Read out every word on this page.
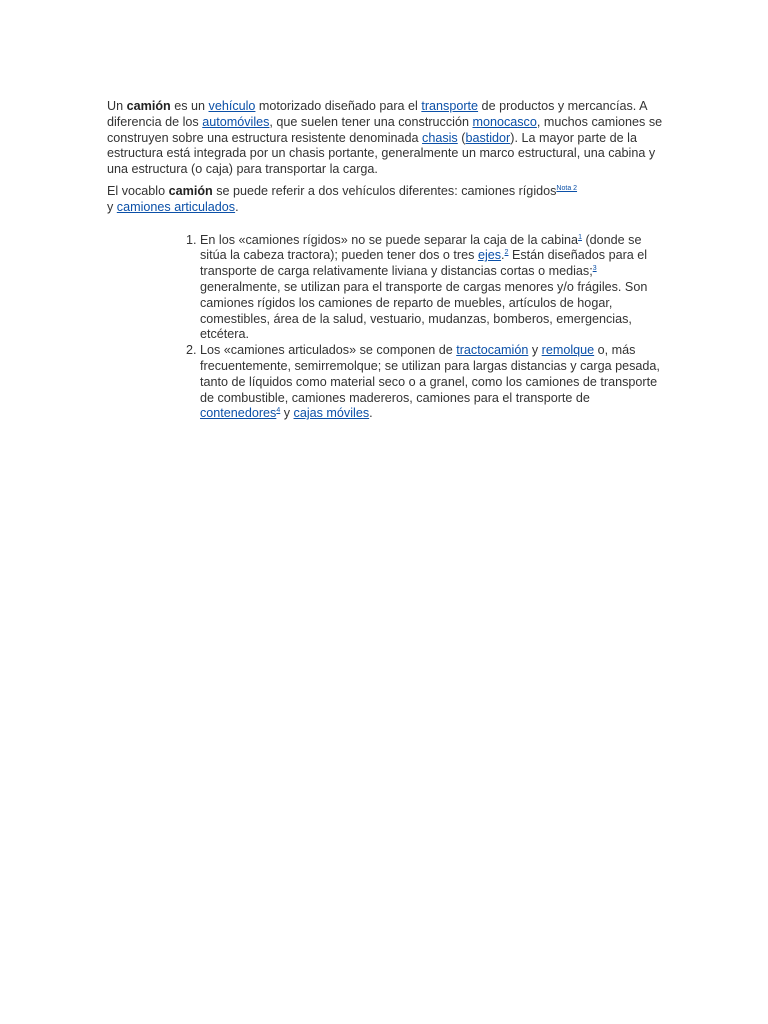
Un camión es un vehículo motorizado diseñado para el transporte de productos y mercancías. A diferencia de los automóviles, que suelen tener una construcción monocasco, muchos camiones se construyen sobre una estructura resistente denominada chasis (bastidor). La mayor parte de la estructura está integrada por un chasis portante, generalmente un marco estructural, una cabina y una estructura (o caja) para transportar la carga.

El vocablo camión se puede referir a dos vehículos diferentes: camiones rígidos$^{Nota 2}$
y camiones articulados.

1. En los «camiones rígidos» no se puede separar la caja de la cabina$^1$ (donde se sitúa la cabeza tractora); pueden tener dos o tres ejes.$^2$ Están diseñados para el transporte de carga relativamente liviana y distancias cortas o medias;$^3$ generalmente, se utilizan para el transporte de cargas menores y/o frágiles. Son camiones rígidos los camiones de reparto de muebles, artículos de hogar, comestibles, área de la salud, vestuario, mudanzas, bomberos, emergencias, etcétera.
2. Los «camiones articulados» se componen de tractocamión y remolque o, más frecuentemente, semirremolque; se utilizan para largas distancias y carga pesada, tanto de líquidos como material seco o a granel, como los camiones de transporte de combustible, camiones madereros, camiones para el transporte de contenedores$^4$ y cajas móviles.
